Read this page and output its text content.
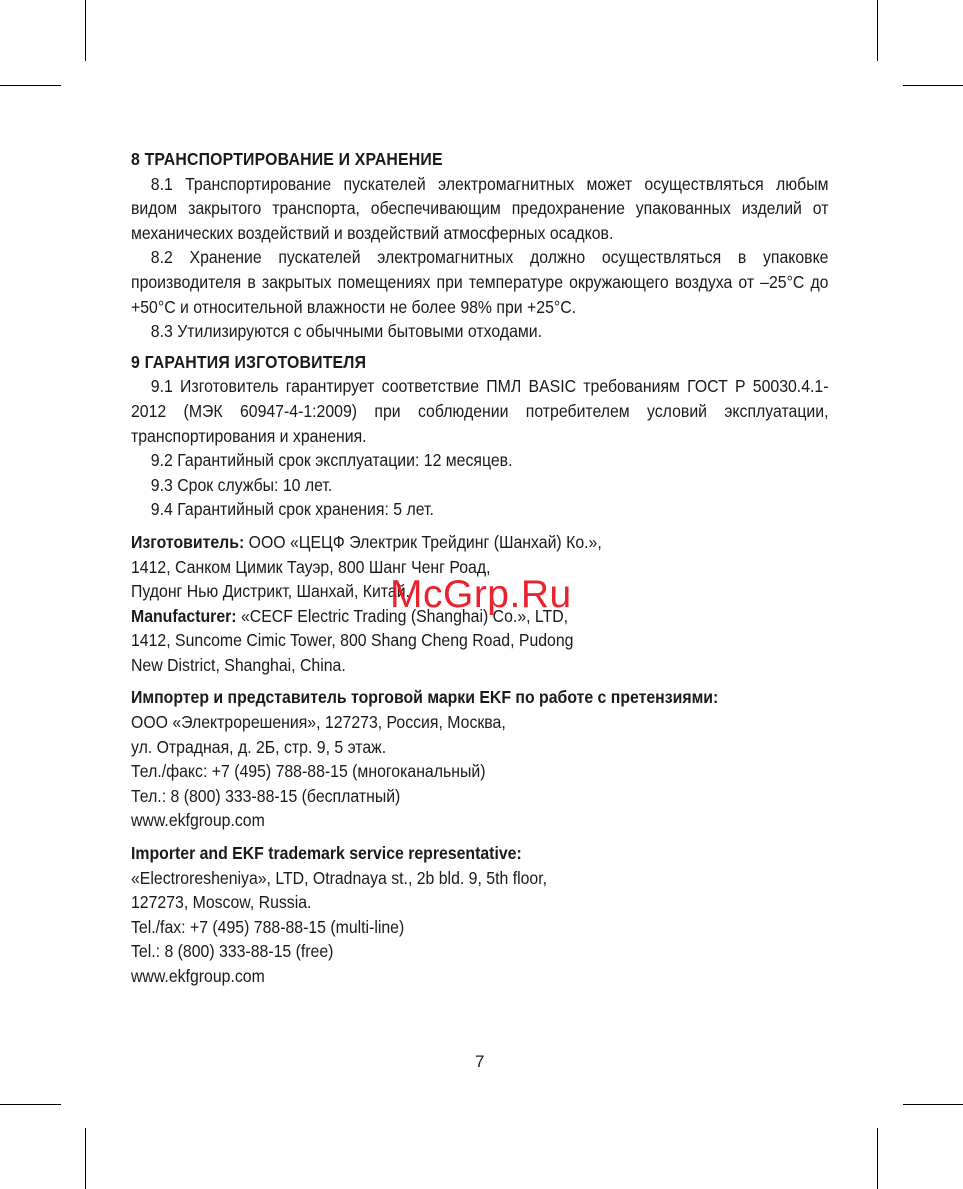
8 ТРАНСПОРТИРОВАНИЕ И ХРАНЕНИЕ

8.1 Транспортирование пускателей электромагнитных может осуществляться любым видом закрытого транспорта, обеспечивающим предохранение упакованных изделий от механических воздействий и воздействий атмосферных осадков.

8.2 Хранение пускателей электромагнитных должно осуществляться в упаковке производителя в закрытых помещениях при температуре окружающего воздуха от –25°С до +50°С и относительной влажности не более 98% при +25°С.

8.3 Утилизируются с обычными бытовыми отходами.

9 ГАРАНТИЯ ИЗГОТОВИТЕЛЯ

9.1 Изготовитель гарантирует соответствие ПМЛ BASIC требованиям ГОСТ Р 50030.4.1-2012 (МЭК 60947-4-1:2009) при соблюдении потребителем условий эксплуатации, транспортирования и хранения.

9.2 Гарантийный срок эксплуатации: 12 месяцев.

9.3 Срок службы: 10 лет.

9.4 Гарантийный срок хранения: 5 лет.

Изготовитель: ООО «ЦЕЦФ Электрик Трейдинг (Шанхай) Ко.»,

1412, Санком Цимик Тауэр, 800 Шанг Ченг Роад,

Пудонг Нью Дистрикт, Шанхай, Китай.

Manufacturer: «CECF Electric Trading (Shanghai) Co.», LTD,

1412, Suncome Cimic Tower, 800 Shang Cheng Road, Pudong

New District, Shanghai, China.

Импортер и представитель торговой марки EKF по работе с претензиями:

ООО «Электрорешения», 127273, Россия, Москва,

ул. Отрадная, д. 2Б, стр. 9, 5 этаж.

Тел./факс: +7 (495) 788-88-15 (многоканальный)

Тел.: 8 (800) 333-88-15 (бесплатный)

www.ekfgroup.com

Importer and EKF trademark service representative:

«Electroresheniya», LTD, Otradnaya st., 2b bld. 9, 5th floor,

127273, Moscow, Russia.

Tel./fax: +7 (495) 788-88-15 (multi-line)

Tel.: 8 (800) 333-88-15 (free)

www.ekfgroup.com

McGrp.Ru
7
